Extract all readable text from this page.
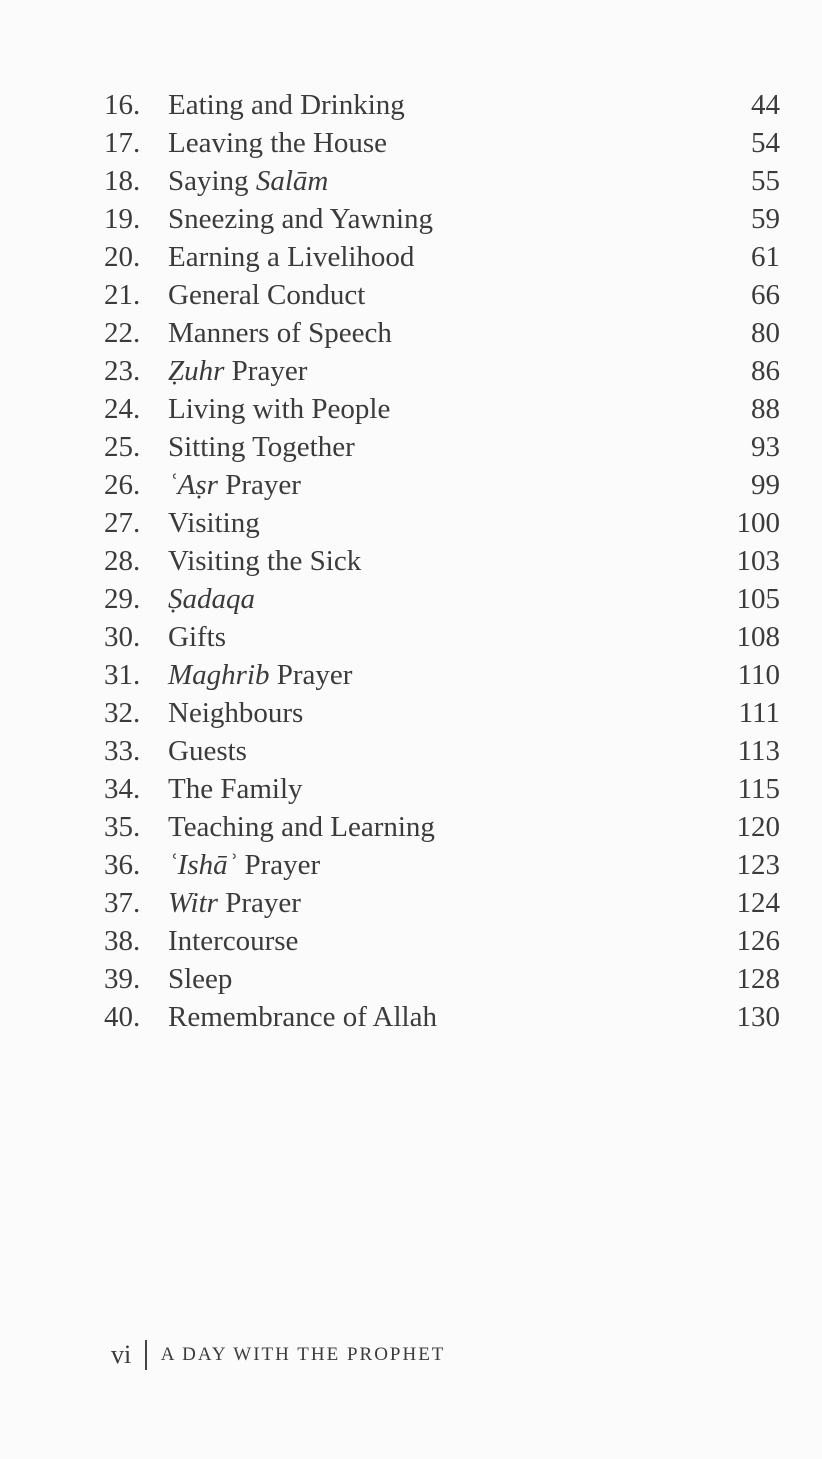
16. Eating and Drinking	44
17. Leaving the House	54
18. Saying Salām	55
19. Sneezing and Yawning	59
20. Earning a Livelihood	61
21. General Conduct	66
22. Manners of Speech	80
23. Ẓuhr Prayer	86
24. Living with People	88
25. Sitting Together	93
26. ʿAṣr Prayer	99
27. Visiting	100
28. Visiting the Sick	103
29. Ṣadaqa	105
30. Gifts	108
31. Maghrib Prayer	110
32. Neighbours	111
33. Guests	113
34. The Family	115
35. Teaching and Learning	120
36. ʿIshāʾ Prayer	123
37. Witr Prayer	124
38. Intercourse	126
39. Sleep	128
40. Remembrance of Allah	130
vi A DAY WITH THE PROPHET
